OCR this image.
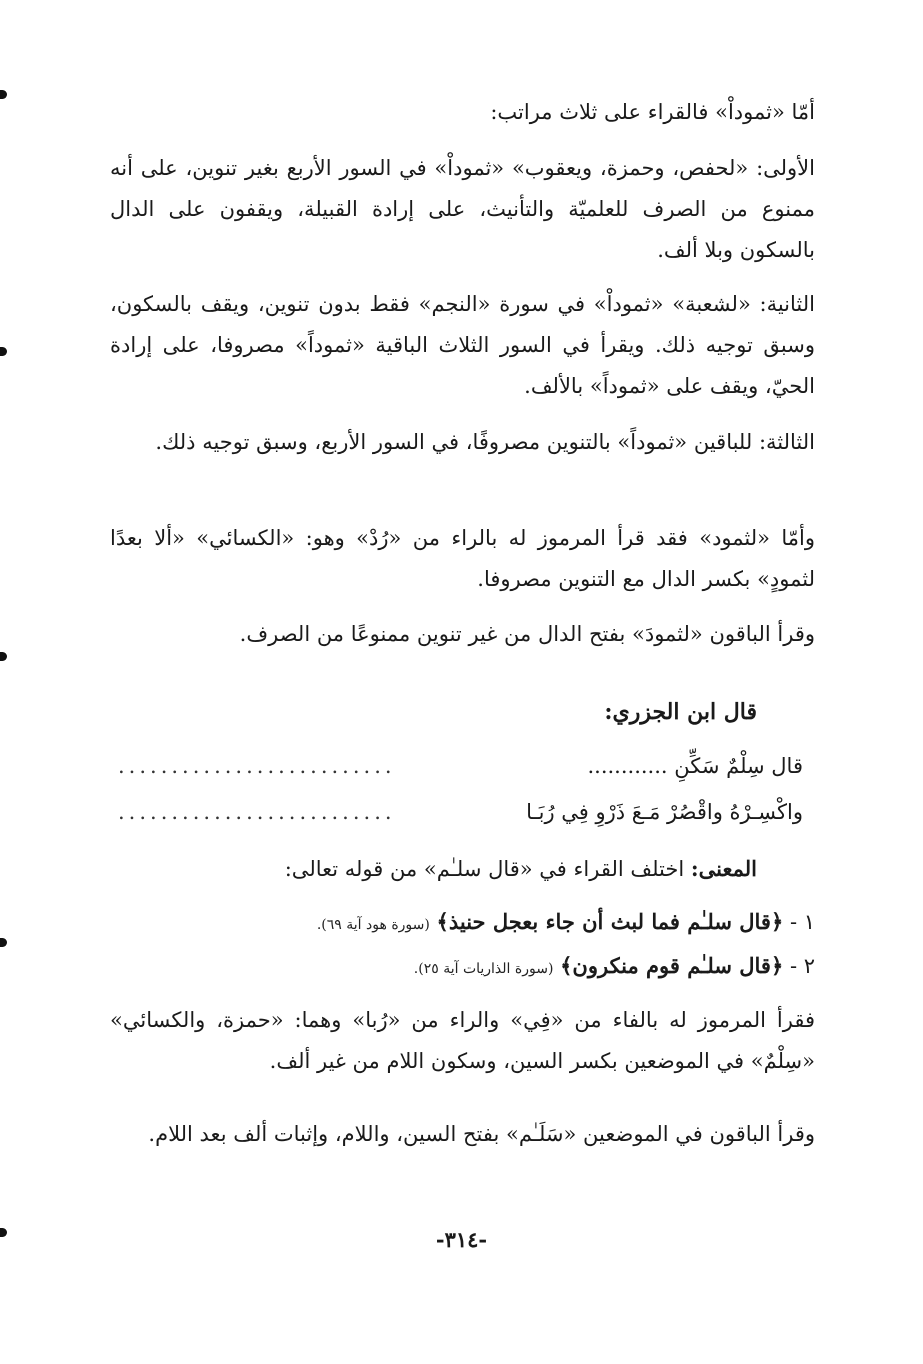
أمّا «ثموداْ» فالقراء على ثلاث مراتب:

الأولى: «لحفص، وحمزة، ويعقوب» «ثموداْ» في السور الأربع بغير تنوين، على أنه ممنوع من الصرف للعلميّة والتأنيث، على إرادة القبيلة، ويقفون على الدال بالسكون وبلا ألف.

الثانية: «لشعبة» «ثموداْ» في سورة «النجم» فقط بدون تنوين، ويقف بالسكون، وسبق توجيه ذلك. ويقرأ في السور الثلاث الباقية «ثموداً» مصروفا، على إرادة الحيّ، ويقف على «ثموداً» بالألف.

الثالثة: للباقين «ثموداً» بالتنوين مصروفًا، في السور الأربع، وسبق توجيه ذلك.

وأمّا «لثمود» فقد قرأ المرموز له بالراء من «رُدْ» وهو: «الكسائي» «ألا بعدًا لثمودٍ» بكسر الدال مع التنوين مصروفا.

وقرأ الباقون «لثمودَ» بفتح الدال من غير تنوين ممنوعًا من الصرف.

قال ابن الجزري:
قال سِلْمٌ سَكِّنِ ............
..........................
واكْسِـرْهُ واقْصُرْ مَـعَ ذَرْوِ فِي رُبَـا
..........................
المعنى: اختلف القراء في «قال سلـٰم» من قوله تعالى:
١ - ﴿قال سلـٰم فما لبث أن جاء بعجل حنيذ﴾ (سورة هود آية ٦٩).
٢ - ﴿قال سلـٰم قوم منكرون﴾ (سورة الذاريات آية ٢٥).

فقرأ المرموز له بالفاء من «فِي» والراء من «رُبا» وهما: «حمزة، والكسائي» «سِلْمٌ» في الموضعين بكسر السين، وسكون اللام من غير ألف.

وقرأ الباقون في الموضعين «سَلَـٰم» بفتح السين، واللام، وإثبات ألف بعد اللام.

-٣١٤-
